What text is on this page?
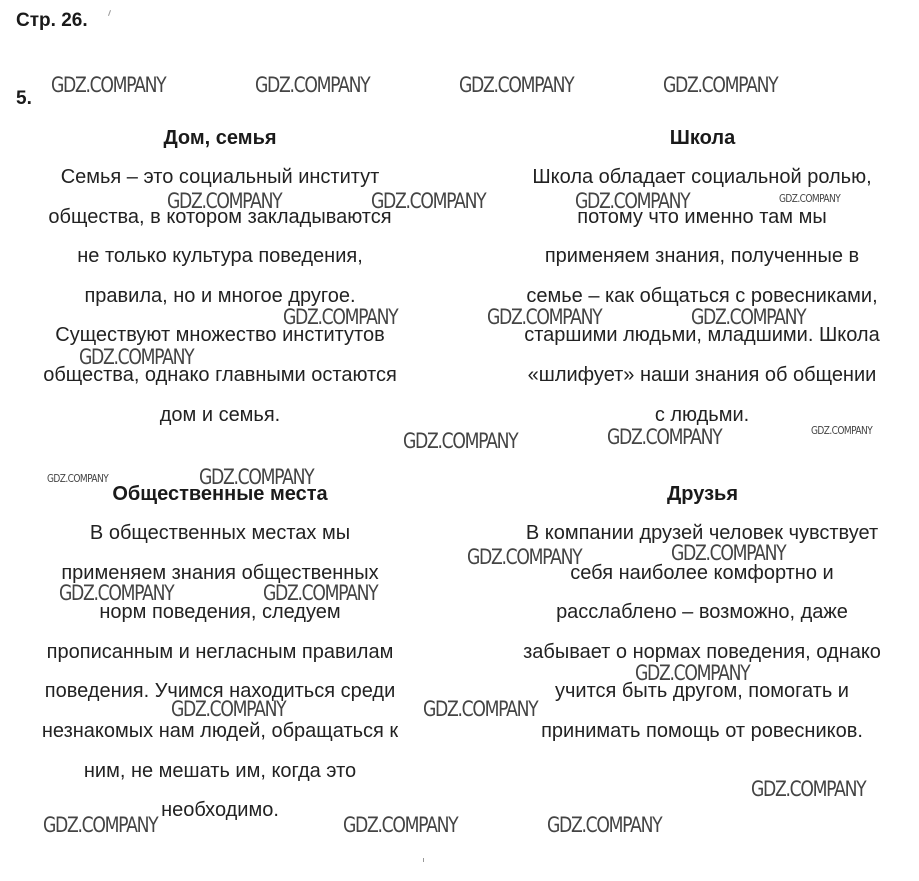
Стр. 26.
5.
Дом, семья
Семья – это социальный институт
общества, в котором закладываются
не только культура поведения,
правила, но и многое другое.
Существуют множество институтов
общества, однако главными остаются
дом и семья.
Школа
Школа обладает социальной ролью,
потому что именно там мы
применяем знания, полученные в
семье – как общаться с ровесниками,
старшими людьми, младшими. Школа
«шлифует» наши знания об общении
с людьми.
Общественные места
В общественных местах мы
применяем знания общественных
норм поведения, следуем
прописанным и негласным правилам
поведения. Учимся находиться среди
незнакомых нам людей, обращаться к
ним, не мешать им, когда это
необходимо.
Друзья
В компании друзей человек чувствует
себя наиболее комфортно и
расслаблено – возможно, даже
забывает о нормах поведения, однако
учится быть другом, помогать и
принимать помощь от ровесников.
GDZ.COMPANY	GDZ.COMPANY	GDZ.COMPANY	GDZ.COMPANY
GDZ.COMPANY	GDZ.COMPANY	GDZ.COMPANY	GDZ.COMPANY
GDZ.COMPANY	GDZ.COMPANY	GDZ.COMPANY
GDZ.COMPANY
GDZ.COMPANY	GDZ.COMPANY	GDZ.COMPANY
GDZ.COMPANY	GDZ.COMPANY
GDZ.COMPANY	GDZ.COMPANY
GDZ.COMPANY	GDZ.COMPANY
GDZ.COMPANY
GDZ.COMPANY	GDZ.COMPANY
GDZ.COMPANY
GDZ.COMPANY	GDZ.COMPANY	GDZ.COMPANY
